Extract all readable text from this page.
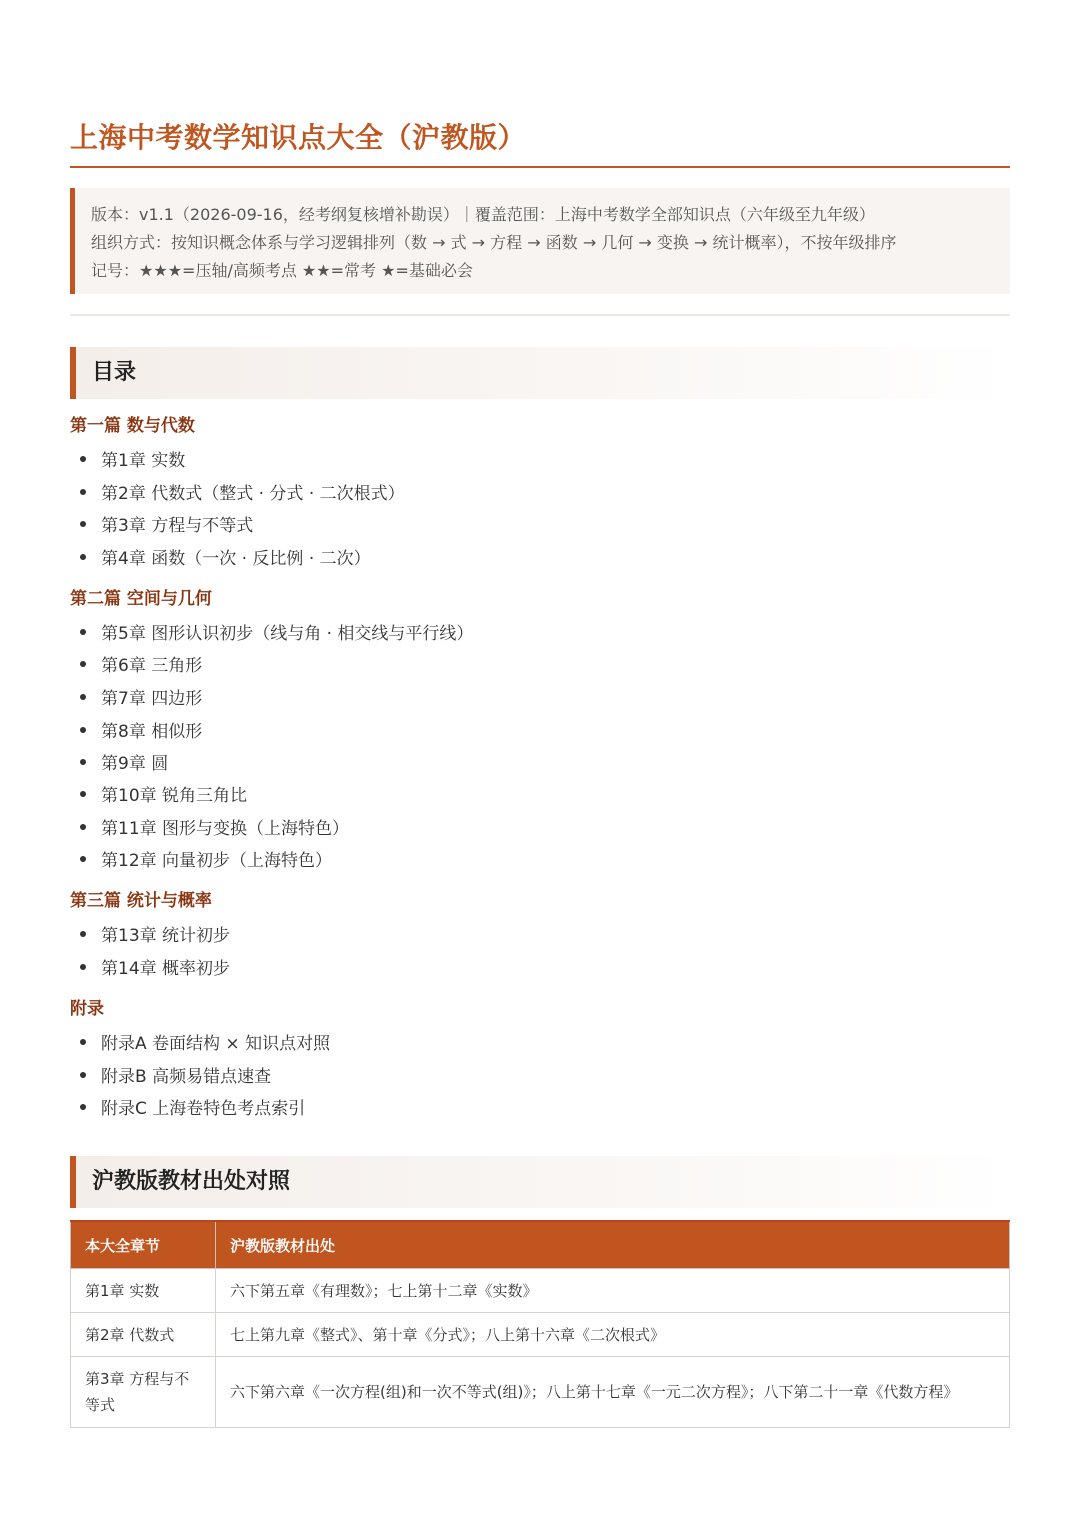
上海中考数学知识点大全（沪教版）
版本：v1.1（2026-09-16，经考纲复核增补勘误）｜覆盖范围：上海中考数学全部知识点（六年级至九年级）
组织方式：按知识概念体系与学习逻辑排列（数 → 式 → 方程 → 函数 → 几何 → 变换 → 统计概率），不按年级排序
记号：★★★=压轴/高频考点 ★★=常考 ★=基础必会
目录
第一篇 数与代数
第1章 实数
第2章 代数式（整式 · 分式 · 二次根式）
第3章 方程与不等式
第4章 函数（一次 · 反比例 · 二次）
第二篇 空间与几何
第5章 图形认识初步（线与角 · 相交线与平行线）
第6章 三角形
第7章 四边形
第8章 相似形
第9章 圆
第10章 锐角三角比
第11章 图形与变换（上海特色）
第12章 向量初步（上海特色）
第三篇 统计与概率
第13章 统计初步
第14章 概率初步
附录
附录A 卷面结构 × 知识点对照
附录B 高频易错点速查
附录C 上海卷特色考点索引
沪教版教材出处对照
本大全章节	沪教版教材出处
第1章 实数	六下第五章《有理数》；七上第十二章《实数》
第2章 代数式	七上第九章《整式》、第十章《分式》；八上第十六章《二次根式》
第3章 方程与不等式	六下第六章《一次方程(组)和一次不等式(组)》；八上第十七章《一元二次方程》；八下第二十一章《代数方程》
